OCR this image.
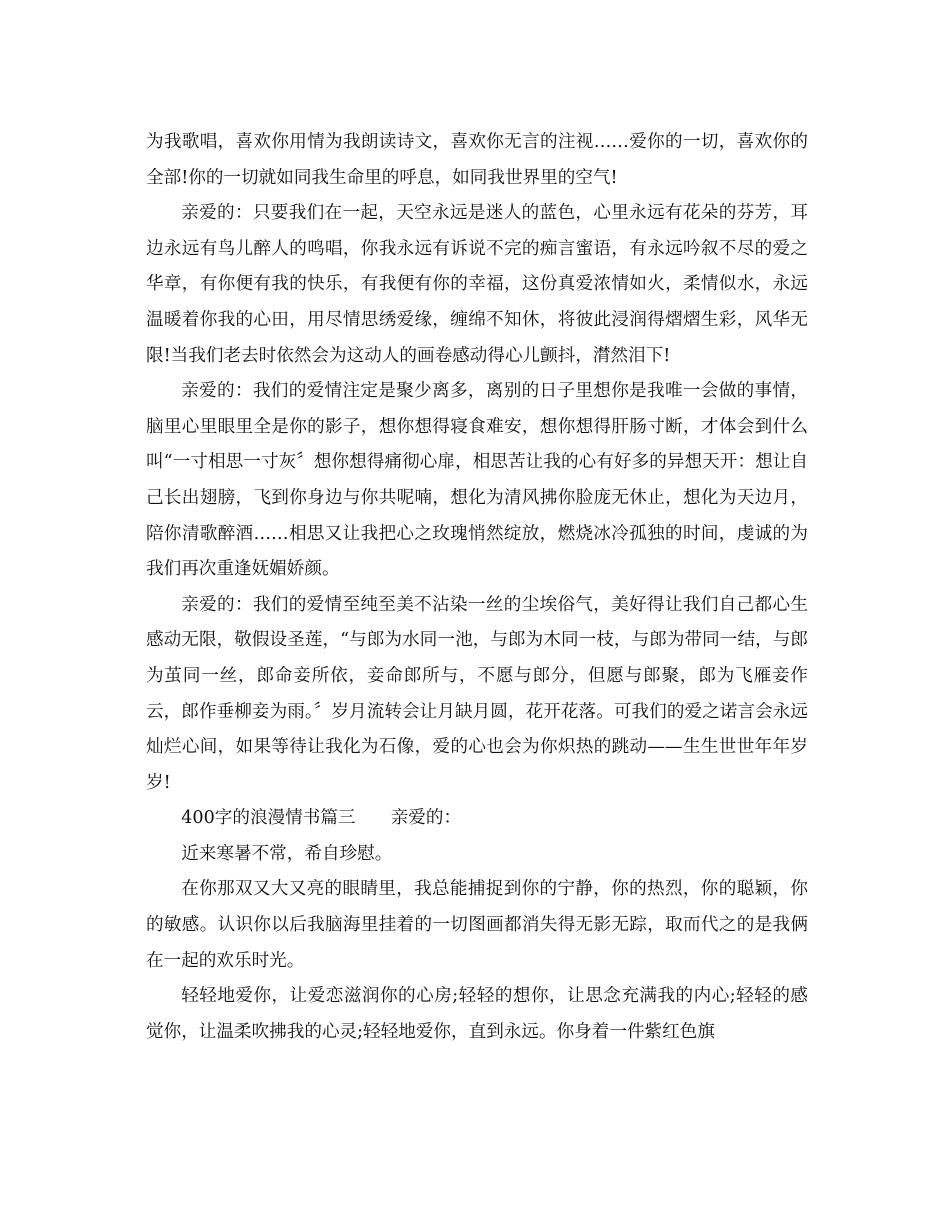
为我歌唱，喜欢你用情为我朗读诗文，喜欢你无言的注视……爱你的一切，喜欢你的全部!你的一切就如同我生命里的呼息，如同我世界里的空气!

亲爱的：只要我们在一起，天空永远是迷人的蓝色，心里永远有花朵的芬芳，耳边永远有鸟儿醉人的鸣唱，你我永远有诉说不完的痴言蜜语，有永远吟叙不尽的爱之华章，有你便有我的快乐，有我便有你的幸福，这份真爱浓情如火，柔情似水，永远温暖着你我的心田，用尽情思绣爱缘，缠绵不知休，将彼此浸润得熠熠生彩，风华无限!当我们老去时依然会为这动人的画卷感动得心儿颤抖，潸然泪下!

亲爱的：我们的爱情注定是聚少离多，离别的日子里想你是我唯一会做的事情，脑里心里眼里全是你的影子，想你想得寝食难安，想你想得肝肠寸断，才体会到什么叫“一寸相思一寸灰〞想你想得痛彻心扉，相思苦让我的心有好多的异想天开：想让自己长出翅膀，飞到你身边与你共呢喃，想化为清风拂你脸庞无休止，想化为天边月，陪你清歌醉酒……相思又让我把心之玫瑰悄然绽放，燃烧冰冷孤独的时间，虔诚的为我们再次重逢妩媚娇颜。

亲爱的：我们的爱情至纯至美不沾染一丝的尘埃俗气，美好得让我们自己都心生感动无限，敬假设圣莲，“与郎为水同一池，与郎为木同一枝，与郎为带同一结，与郎为茧同一丝，郎命妾所依，妾命郎所与，不愿与郎分，但愿与郎聚，郎为飞雁妾作云，郎作垂柳妾为雨。〞岁月流转会让月缺月圆，花开花落。可我们的爱之诺言会永远灿烂心间，如果等待让我化为石像，爱的心也会为你炽热的跳动——生生世世年年岁岁!

400字的浪漫情书篇三　　亲爱的：

近来寒暑不常，希自珍慰。

在你那双又大又亮的眼睛里，我总能捕捉到你的宁静，你的热烈，你的聪颖，你的敏感。认识你以后我脑海里挂着的一切图画都消失得无影无踪，取而代之的是我俩在一起的欢乐时光。

轻轻地爱你，让爱恋滋润你的心房;轻轻的想你，让思念充满我的内心;轻轻的感觉你，让温柔吹拂我的心灵;轻轻地爱你，直到永远。你身着一件紫红色旗
